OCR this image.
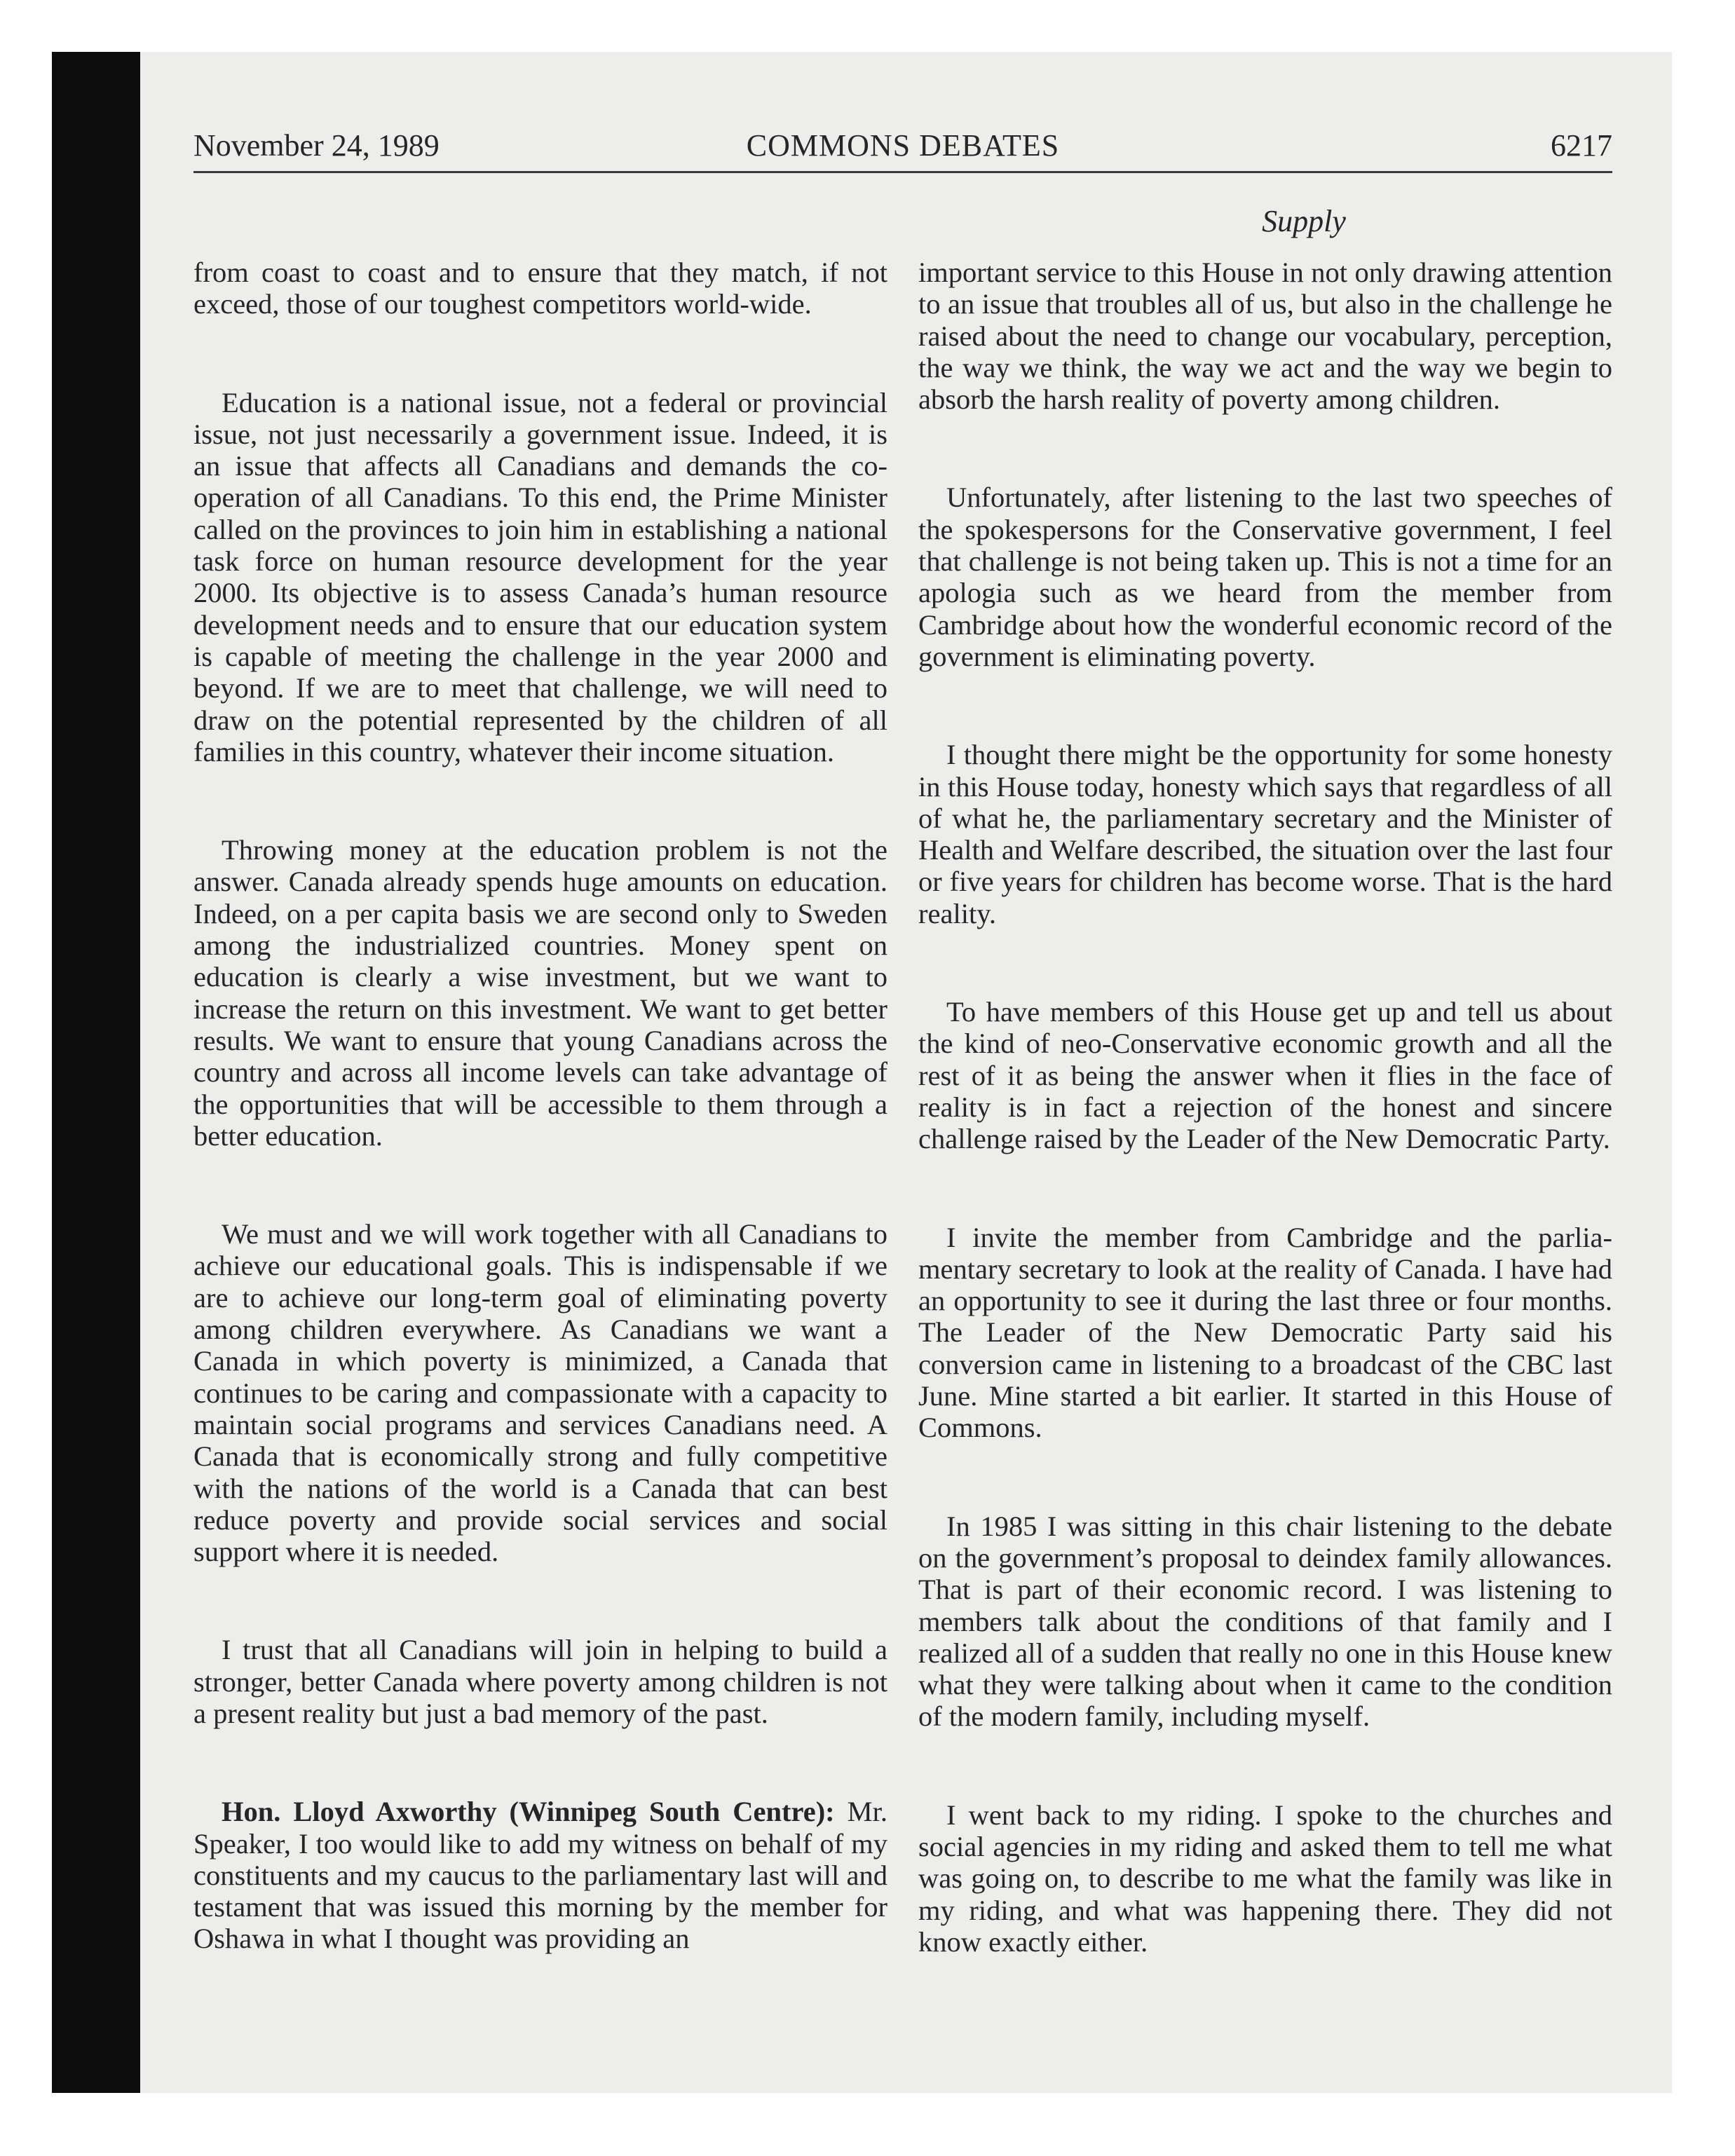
November 24, 1989	COMMONS DEBATES	6217
Supply

from coast to coast and to ensure that they match, if not exceed, those of our toughest competitors world-wide.

Education is a national issue, not a federal or provincial issue, not just necessarily a government issue. Indeed, it is an issue that affects all Canadians and demands the co-operation of all Canadians. To this end, the Prime Minister called on the provinces to join him in establishing a national task force on human resource development for the year 2000. Its objective is to assess Canada’s human resource development needs and to ensure that our education system is capable of meeting the challenge in the year 2000 and beyond. If we are to meet that challenge, we will need to draw on the potential represented by the children of all families in this country, whatever their income situation.

Throwing money at the education problem is not the answer. Canada already spends huge amounts on education. Indeed, on a per capita basis we are second only to Sweden among the industrialized countries. Money spent on education is clearly a wise investment, but we want to increase the return on this investment. We want to get better results. We want to ensure that young Canadians across the country and across all income levels can take advantage of the opportunities that will be accessible to them through a better education.

We must and we will work together with all Canadians to achieve our educational goals. This is indispensable if we are to achieve our long-term goal of eliminating poverty among children everywhere. As Canadians we want a Canada in which poverty is minimized, a Canada that continues to be caring and compassionate with a capacity to maintain social programs and services Canadians need. A Canada that is economically strong and fully competitive with the nations of the world is a Canada that can best reduce poverty and provide social services and social support where it is needed.

I trust that all Canadians will join in helping to build a stronger, better Canada where poverty among children is not a present reality but just a bad memory of the past.

Hon. Lloyd Axworthy (Winnipeg South Centre): Mr. Speaker, I too would like to add my witness on behalf of my constituents and my caucus to the parliamentary last will and testament that was issued this morning by the member for Oshawa in what I thought was providing an

important service to this House in not only drawing attention to an issue that troubles all of us, but also in the challenge he raised about the need to change our vocabulary, perception, the way we think, the way we act and the way we begin to absorb the harsh reality of poverty among children.

Unfortunately, after listening to the last two speeches of the spokespersons for the Conservative government, I feel that challenge is not being taken up. This is not a time for an apologia such as we heard from the member from Cambridge about how the wonderful economic record of the government is eliminating poverty.

I thought there might be the opportunity for some honesty in this House today, honesty which says that regardless of all of what he, the parliamentary secretary and the Minister of Health and Welfare described, the situation over the last four or five years for children has become worse. That is the hard reality.

To have members of this House get up and tell us about the kind of neo-Conservative economic growth and all the rest of it as being the answer when it flies in the face of reality is in fact a rejection of the honest and sincere challenge raised by the Leader of the New Democratic Party.

I invite the member from Cambridge and the parliamentary secretary to look at the reality of Canada. I have had an opportunity to see it during the last three or four months. The Leader of the New Democratic Party said his conversion came in listening to a broadcast of the CBC last June. Mine started a bit earlier. It started in this House of Commons.

In 1985 I was sitting in this chair listening to the debate on the government’s proposal to deindex family allowances. That is part of their economic record. I was listening to members talk about the conditions of that family and I realized all of a sudden that really no one in this House knew what they were talking about when it came to the condition of the modern family, including myself.

I went back to my riding. I spoke to the churches and social agencies in my riding and asked them to tell me what was going on, to describe to me what the family was like in my riding, and what was happening there. They did not know exactly either.
